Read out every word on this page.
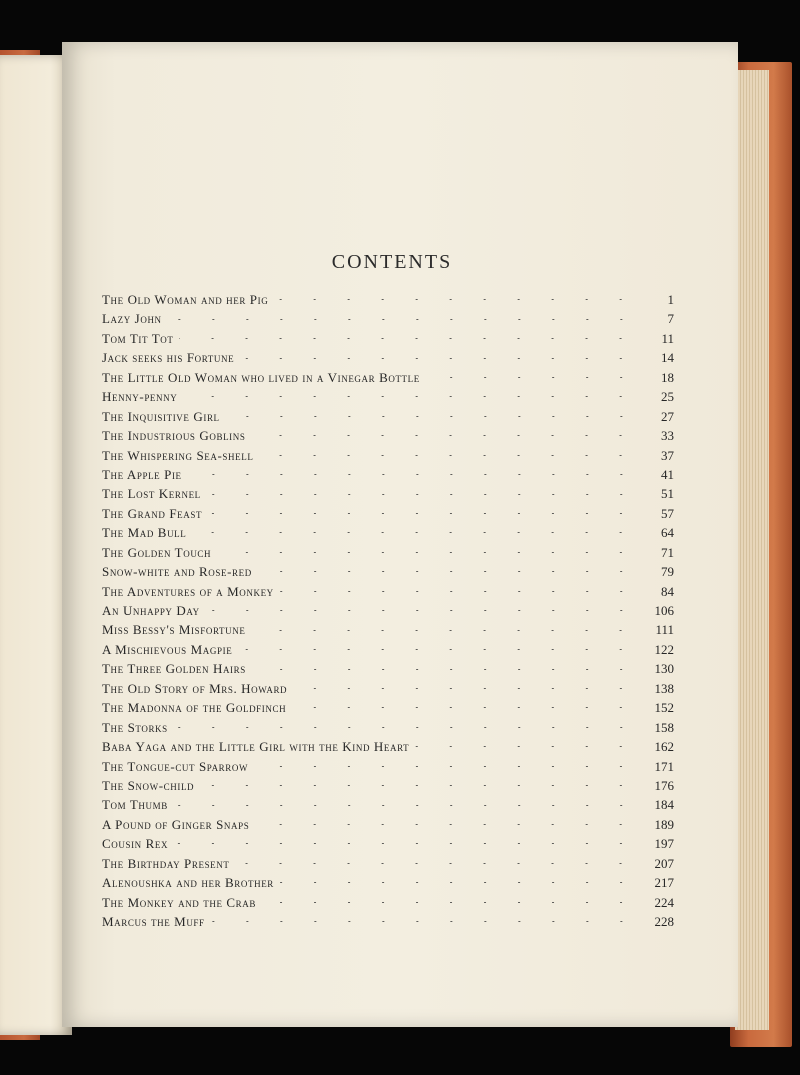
CONTENTS
The Old Woman and her Pig	1
Lazy John	7
Tom Tit Tot	11
Jack seeks his Fortune	14
The Little Old Woman who lived in a Vinegar Bottle	18
Henny-penny	25
The Inquisitive Girl	27
The Industrious Goblins	33
The Whispering Sea-shell	37
The Apple Pie	41
The Lost Kernel	51
The Grand Feast	57
The Mad Bull	64
The Golden Touch	71
Snow-white and Rose-red	79
The Adventures of a Monkey	84
An Unhappy Day	106
Miss Bessy's Misfortune	111
A Mischievous Magpie	122
The Three Golden Hairs	130
The Old Story of Mrs. Howard	138
The Madonna of the Goldfinch	152
The Storks	158
Baba Yaga and the Little Girl with the Kind Heart	162
The Tongue-cut Sparrow	171
The Snow-child	176
Tom Thumb	184
A Pound of Ginger Snaps	189
Cousin Rex	197
The Birthday Present	207
Alenoushka and her Brother	217
The Monkey and the Crab	224
Marcus the Muff	228
